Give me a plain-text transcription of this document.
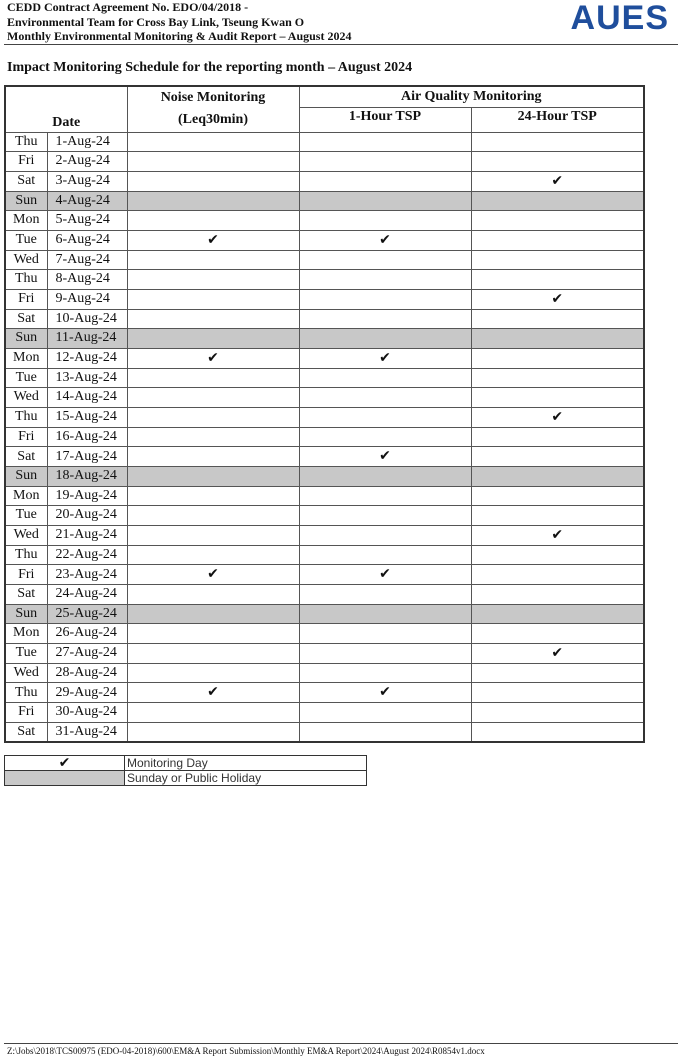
CEDD Contract Agreement No. EDO/04/2018 -
Environmental Team for Cross Bay Link, Tseung Kwan O
Monthly Environmental Monitoring & Audit Report – August 2024	AUES
Impact Monitoring Schedule for the reporting month – August 2024
Date		Noise Monitoring
(Leq30min)	Air Quality Monitoring	
			1-Hour TSP	24-Hour TSP
Thu	1-Aug-24			
Fri	2-Aug-24			
Sat	3-Aug-24			✔
Sun	4-Aug-24			
Mon	5-Aug-24			
Tue	6-Aug-24	✔	✔	
Wed	7-Aug-24			
Thu	8-Aug-24			
Fri	9-Aug-24			✔
Sat	10-Aug-24			
Sun	11-Aug-24			
Mon	12-Aug-24	✔	✔	
Tue	13-Aug-24			
Wed	14-Aug-24			
Thu	15-Aug-24			✔
Fri	16-Aug-24			
Sat	17-Aug-24		✔	
Sun	18-Aug-24			
Mon	19-Aug-24			
Tue	20-Aug-24			
Wed	21-Aug-24			✔
Thu	22-Aug-24			
Fri	23-Aug-24	✔	✔	
Sat	24-Aug-24			
Sun	25-Aug-24			
Mon	26-Aug-24			
Tue	27-Aug-24			✔
Wed	28-Aug-24			
Thu	29-Aug-24	✔	✔	
Fri	30-Aug-24			
Sat	31-Aug-24			
✔	Monitoring Day
	Sunday or Public Holiday
Z:\Jobs\2018\TCS00975 (EDO-04-2018)\600\EM&A Report Submission\Monthly EM&A Report\2024\August 2024\R0854v1.docx
